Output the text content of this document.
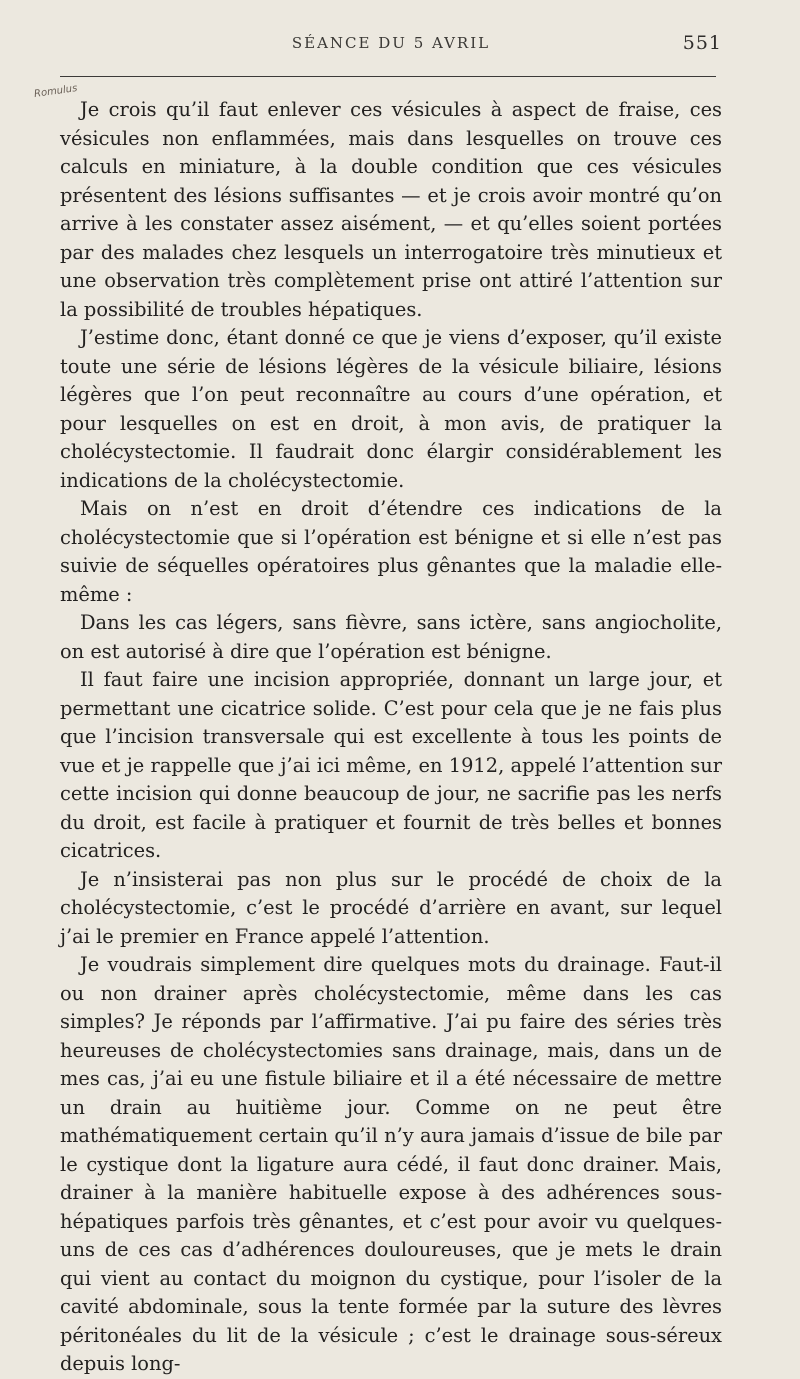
SÉANCE DU 5 AVRIL	551
Romulus

Je crois qu’il faut enlever ces vésicules à aspect de fraise, ces vésicules non enflammées, mais dans lesquelles on trouve ces calculs en miniature, à la double condition que ces vésicules présentent des lésions suffisantes — et je crois avoir montré qu’on arrive à les constater assez aisément, — et qu’elles soient portées par des malades chez lesquels un interrogatoire très minutieux et une observation très complètement prise ont attiré l’attention sur la possibilité de troubles hépatiques.

J’estime donc, étant donné ce que je viens d’exposer, qu’il existe toute une série de lésions légères de la vésicule biliaire, lésions légères que l’on peut reconnaître au cours d’une opération, et pour lesquelles on est en droit, à mon avis, de pratiquer la cholécystectomie. Il faudrait donc élargir considérablement les indications de la cholécystectomie.

Mais on n’est en droit d’étendre ces indications de la cholécystectomie que si l’opération est bénigne et si elle n’est pas suivie de séquelles opératoires plus gênantes que la maladie elle-même :

Dans les cas légers, sans fièvre, sans ictère, sans angiocholite, on est autorisé à dire que l’opération est bénigne.

Il faut faire une incision appropriée, donnant un large jour, et permettant une cicatrice solide. C’est pour cela que je ne fais plus que l’incision transversale qui est excellente à tous les points de vue et je rappelle que j’ai ici même, en 1912, appelé l’attention sur cette incision qui donne beaucoup de jour, ne sacrifie pas les nerfs du droit, est facile à pratiquer et fournit de très belles et bonnes cicatrices.

Je n’insisterai pas non plus sur le procédé de choix de la cholécystectomie, c’est le procédé d’arrière en avant, sur lequel j’ai le premier en France appelé l’attention.

Je voudrais simplement dire quelques mots du drainage. Faut-il ou non drainer après cholécystectomie, même dans les cas simples? Je réponds par l’affirmative. J’ai pu faire des séries très heureuses de cholécystectomies sans drainage, mais, dans un de mes cas, j’ai eu une fistule biliaire et il a été nécessaire de mettre un drain au huitième jour. Comme on ne peut être mathématiquement certain qu’il n’y aura jamais d’issue de bile par le cystique dont la ligature aura cédé, il faut donc drainer. Mais, drainer à la manière habituelle expose à des adhérences sous-hépatiques parfois très gênantes, et c’est pour avoir vu quelques-uns de ces cas d’adhérences douloureuses, que je mets le drain qui vient au contact du moignon du cystique, pour l’isoler de la cavité abdominale, sous la tente formée par la suture des lèvres péritonéales du lit de la vésicule ; c’est le drainage sous-séreux depuis long-
